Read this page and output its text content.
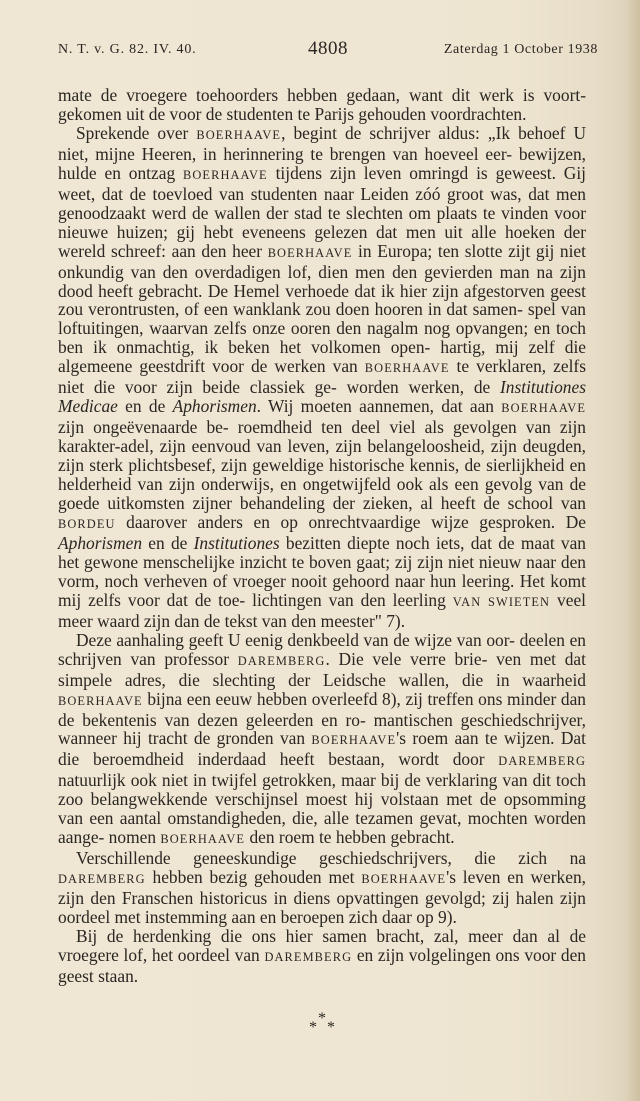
N. T. v. G. 82. IV. 40.	4808	Zaterdag 1 October 1938

mate de vroegere toehoorders hebben gedaan, want dit werk is voort- gekomen uit de voor de studenten te Parijs gehouden voordrachten.

Sprekende over BOERHAAVE, begint de schrijver aldus: „Ik behoef U niet, mijne Heeren, in herinnering te brengen van hoeveel eer- bewijzen, hulde en ontzag BOERHAAVE tijdens zijn leven omringd is geweest. Gij weet, dat de toevloed van studenten naar Leiden zóó groot was, dat men genoodzaakt werd de wallen der stad te slechten om plaats te vinden voor nieuwe huizen; gij hebt eveneens gelezen dat men uit alle hoeken der wereld schreef: aan den heer BOERHAAVE in Europa; ten slotte zijt gij niet onkundig van den overdadigen lof, dien men den gevierden man na zijn dood heeft gebracht. De Hemel verhoede dat ik hier zijn afgestorven geest zou verontrusten, of een wanklank zou doen hooren in dat samen- spel van loftuitingen, waarvan zelfs onze ooren den nagalm nog opvangen; en toch ben ik onmachtig, ik beken het volkomen open- hartig, mij zelf die algemeene geestdrift voor de werken van BOERHAAVE te verklaren, zelfs niet die voor zijn beide classiek ge- worden werken, de Institutiones Medicae en de Aphorismen. Wij moeten aannemen, dat aan BOERHAAVE zijn ongeëvenaarde be- roemdheid ten deel viel als gevolgen van zijn karakter-adel, zijn eenvoud van leven, zijn belangeloosheid, zijn deugden, zijn sterk plichtsbesef, zijn geweldige historische kennis, de sierlijkheid en helderheid van zijn onderwijs, en ongetwijfeld ook als een gevolg van de goede uitkomsten zijner behandeling der zieken, al heeft de school van BORDEU daarover anders en op onrechtvaardige wijze gesproken. De Aphorismen en de Institutiones bezitten diepte noch iets, dat de maat van het gewone menschelijke inzicht te boven gaat; zij zijn niet nieuw naar den vorm, noch verheven of vroeger nooit gehoord naar hun leering. Het komt mij zelfs voor dat de toe- lichtingen van den leerling VAN SWIETEN veel meer waard zijn dan de tekst van den meester" 7).

Deze aanhaling geeft U eenig denkbeeld van de wijze van oor- deelen en schrijven van professor DAREMBERG. Die vele verre brie- ven met dat simpele adres, die slechting der Leidsche wallen, die in waarheid BOERHAAVE bijna een eeuw hebben overleefd 8), zij treffen ons minder dan de bekentenis van dezen geleerden en ro- mantischen geschiedschrijver, wanneer hij tracht de gronden van BOERHAAVE's roem aan te wijzen. Dat die beroemdheid inderdaad heeft bestaan, wordt door DAREMBERG natuurlijk ook niet in twijfel getrokken, maar bij de verklaring van dit toch zoo belangwekkende verschijnsel moest hij volstaan met de opsomming van een aantal omstandigheden, die, alle tezamen gevat, mochten worden aange- nomen BOERHAAVE den roem te hebben gebracht.

Verschillende geneeskundige geschiedschrijvers, die zich na DAREMBERG hebben bezig gehouden met BOERHAAVE's leven en werken, zijn den Franschen historicus in diens opvattingen gevolgd; zij halen zijn oordeel met instemming aan en beroepen zich daar op 9).

Bij de herdenking die ons hier samen bracht, zal, meer dan al de vroegere lof, het oordeel van DAREMBERG en zijn volgelingen ons voor den geest staan.

*
* *
